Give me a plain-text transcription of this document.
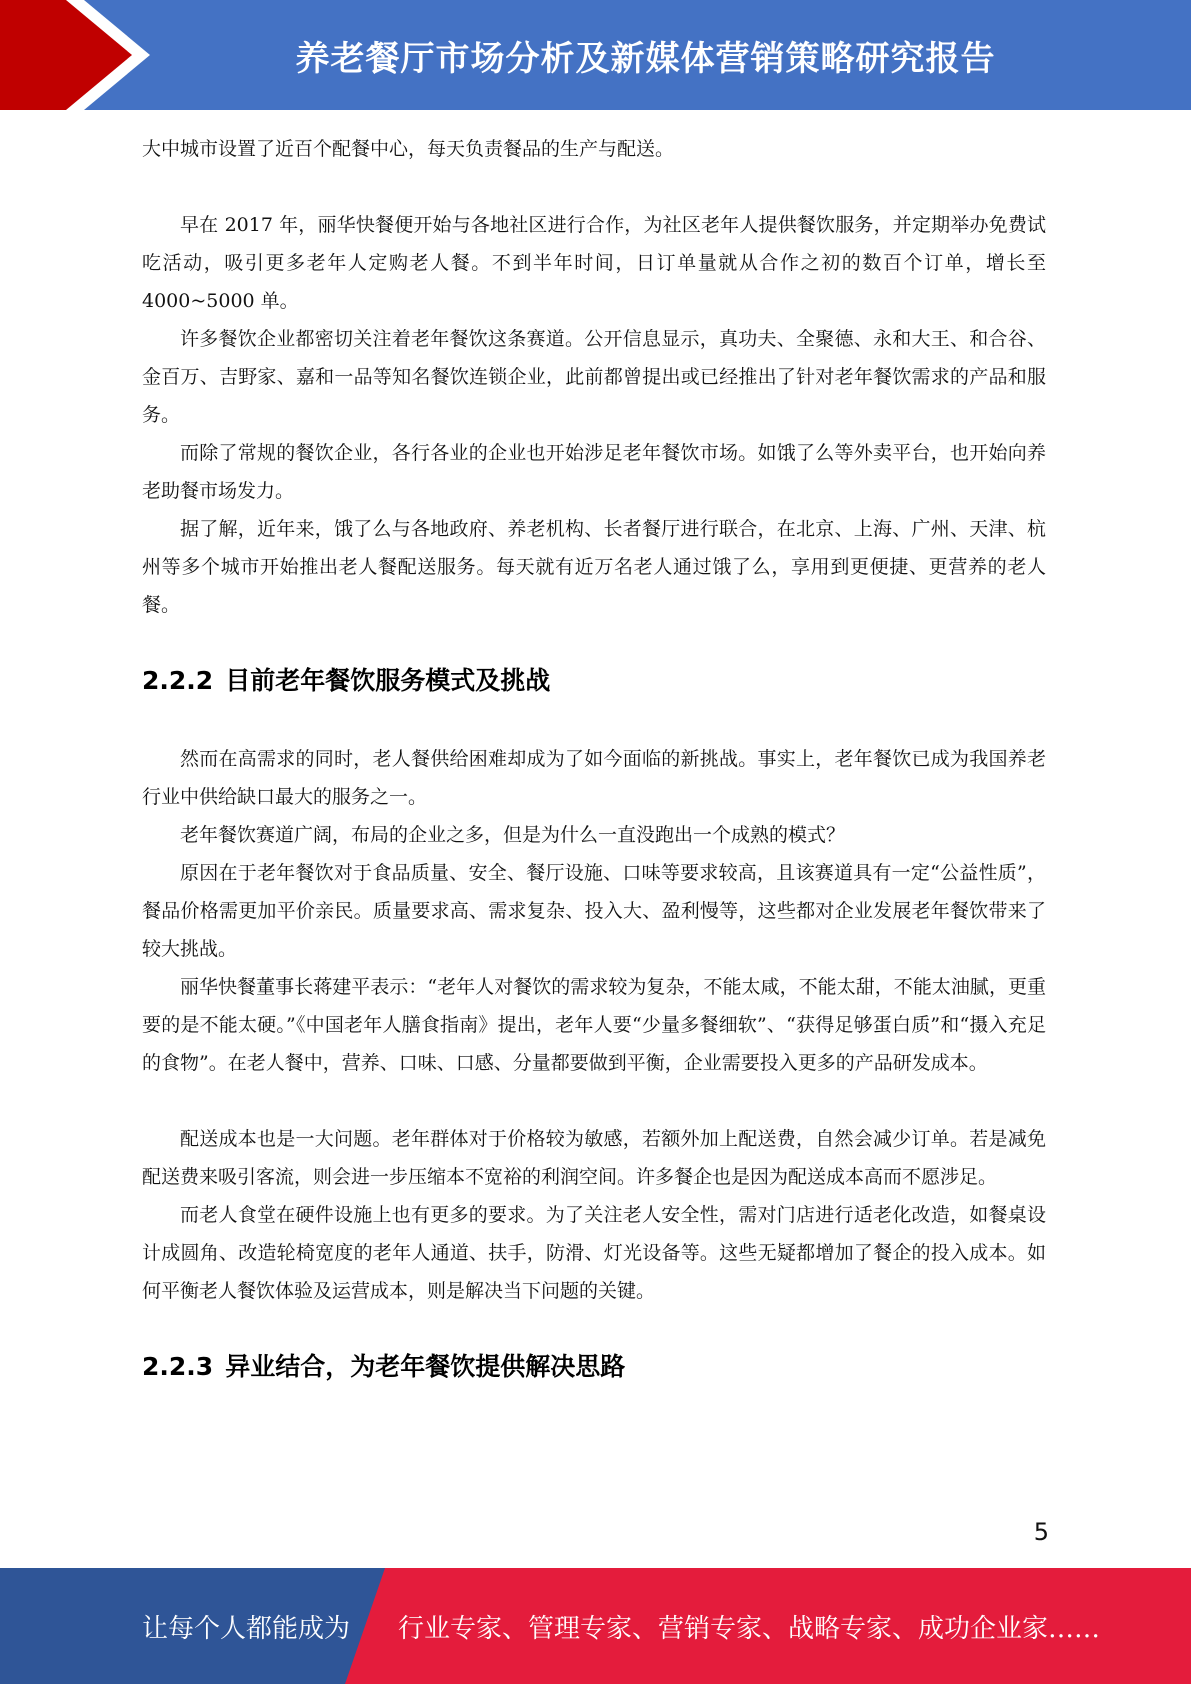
养老餐厅市场分析及新媒体营销策略研究报告

大中城市设置了近百个配餐中心，每天负责餐品的生产与配送。

早在 2017 年，丽华快餐便开始与各地社区进行合作，为社区老年人提供餐饮服务，并定期举办免费试吃活动，吸引更多老年人定购老人餐。不到半年时间，日订单量就从合作之初的数百个订单，增长至 4000~5000 单。

许多餐饮企业都密切关注着老年餐饮这条赛道。公开信息显示，真功夫、全聚德、永和大王、和合谷、金百万、吉野家、嘉和一品等知名餐饮连锁企业，此前都曾提出或已经推出了针对老年餐饮需求的产品和服务。

而除了常规的餐饮企业，各行各业的企业也开始涉足老年餐饮市场。如饿了么等外卖平台，也开始向养老助餐市场发力。

据了解，近年来，饿了么与各地政府、养老机构、长者餐厅进行联合，在北京、上海、广州、天津、杭州等多个城市开始推出老人餐配送服务。每天就有近万名老人通过饿了么，享用到更便捷、更营养的老人餐。

2.2.2 目前老年餐饮服务模式及挑战

然而在高需求的同时，老人餐供给困难却成为了如今面临的新挑战。事实上，老年餐饮已成为我国养老行业中供给缺口最大的服务之一。

老年餐饮赛道广阔，布局的企业之多，但是为什么一直没跑出一个成熟的模式？

原因在于老年餐饮对于食品质量、安全、餐厅设施、口味等要求较高，且该赛道具有一定“公益性质”，餐品价格需更加平价亲民。质量要求高、需求复杂、投入大、盈利慢等，这些都对企业发展老年餐饮带来了较大挑战。

丽华快餐董事长蒋建平表示：“老年人对餐饮的需求较为复杂，不能太咸，不能太甜，不能太油腻，更重要的是不能太硬。”《中国老年人膳食指南》提出，老年人要“少量多餐细软”、“获得足够蛋白质”和“摄入充足的食物”。在老人餐中，营养、口味、口感、分量都要做到平衡，企业需要投入更多的产品研发成本。

配送成本也是一大问题。老年群体对于价格较为敏感，若额外加上配送费，自然会减少订单。若是减免配送费来吸引客流，则会进一步压缩本不宽裕的利润空间。许多餐企也是因为配送成本高而不愿涉足。

而老人食堂在硬件设施上也有更多的要求。为了关注老人安全性，需对门店进行适老化改造，如餐桌设计成圆角、改造轮椅宽度的老年人通道、扶手，防滑、灯光设备等。这些无疑都增加了餐企的投入成本。如何平衡老人餐饮体验及运营成本，则是解决当下问题的关键。

2.2.3 异业结合，为老年餐饮提供解决思路
5
让每个人都能成为 行业专家、管理专家、营销专家、战略专家、成功企业家……
